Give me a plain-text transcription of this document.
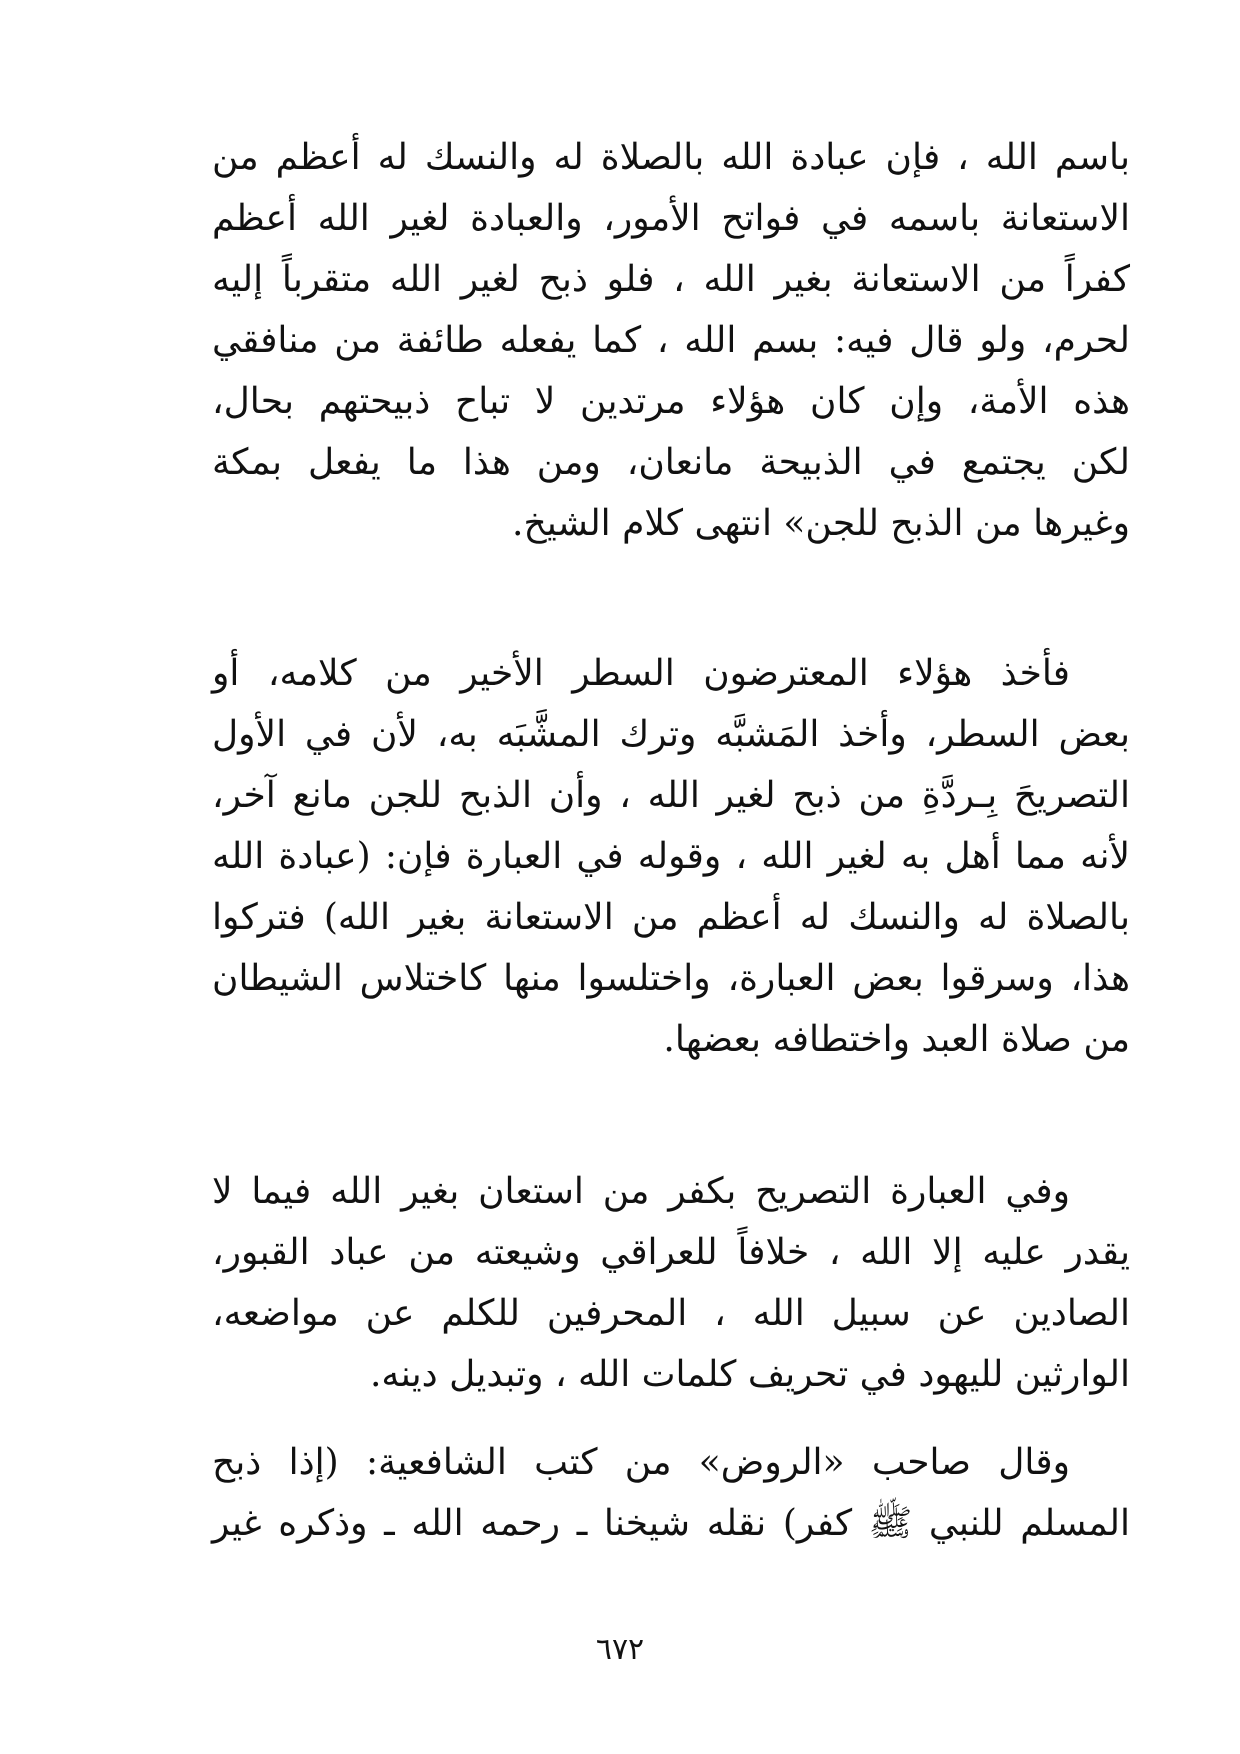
باسم الله ، فإن عبادة الله بالصلاة له والنسك له أعظم من
الاستعانة باسمه في فواتح الأمور، والعبادة لغير الله أعظم
كفراً من الاستعانة بغير الله ، فلو ذبح لغير الله متقرباً إليه
لحرم، ولو قال فيه: بسم الله ، كما يفعله طائفة من منافقي
هذه الأمة، وإن كان هؤلاء مرتدين لا تباح ذبيحتهم بحال،
لكن يجتمع في الذبيحة مانعان، ومن هذا ما يفعل بمكة
وغيرها من الذبح للجن» انتهى كلام الشيخ.
فأخذ هؤلاء المعترضون السطر الأخير من كلامه، أو
بعض السطر، وأخذ المَشبَّه وترك المشَّبَه به، لأن في الأول
التصريحَ بِـردَّةِ من ذبح لغير الله ، وأن الذبح للجن مانع آخر،
لأنه مما أهل به لغير الله ، وقوله في العبارة فإن: (عبادة الله
بالصلاة له والنسك له أعظم من الاستعانة بغير الله) فتركوا
هذا، وسرقوا بعض العبارة، واختلسوا منها كاختلاس الشيطان
من صلاة العبد واختطافه بعضها.
وفي العبارة التصريح بكفر من استعان بغير الله فيما لا
يقدر عليه إلا الله ، خلافاً للعراقي وشيعته من عباد القبور،
الصادين عن سبيل الله ، المحرفين للكلم عن مواضعه،
الوارثين لليهود في تحريف كلمات الله ، وتبديل دينه.
وقال صاحب «الروض» من كتب الشافعية: (إذا ذبح
المسلم للنبي ﷺ كفر) نقله شيخنا ـ رحمه الله ـ وذكره غير
٦٧٢
